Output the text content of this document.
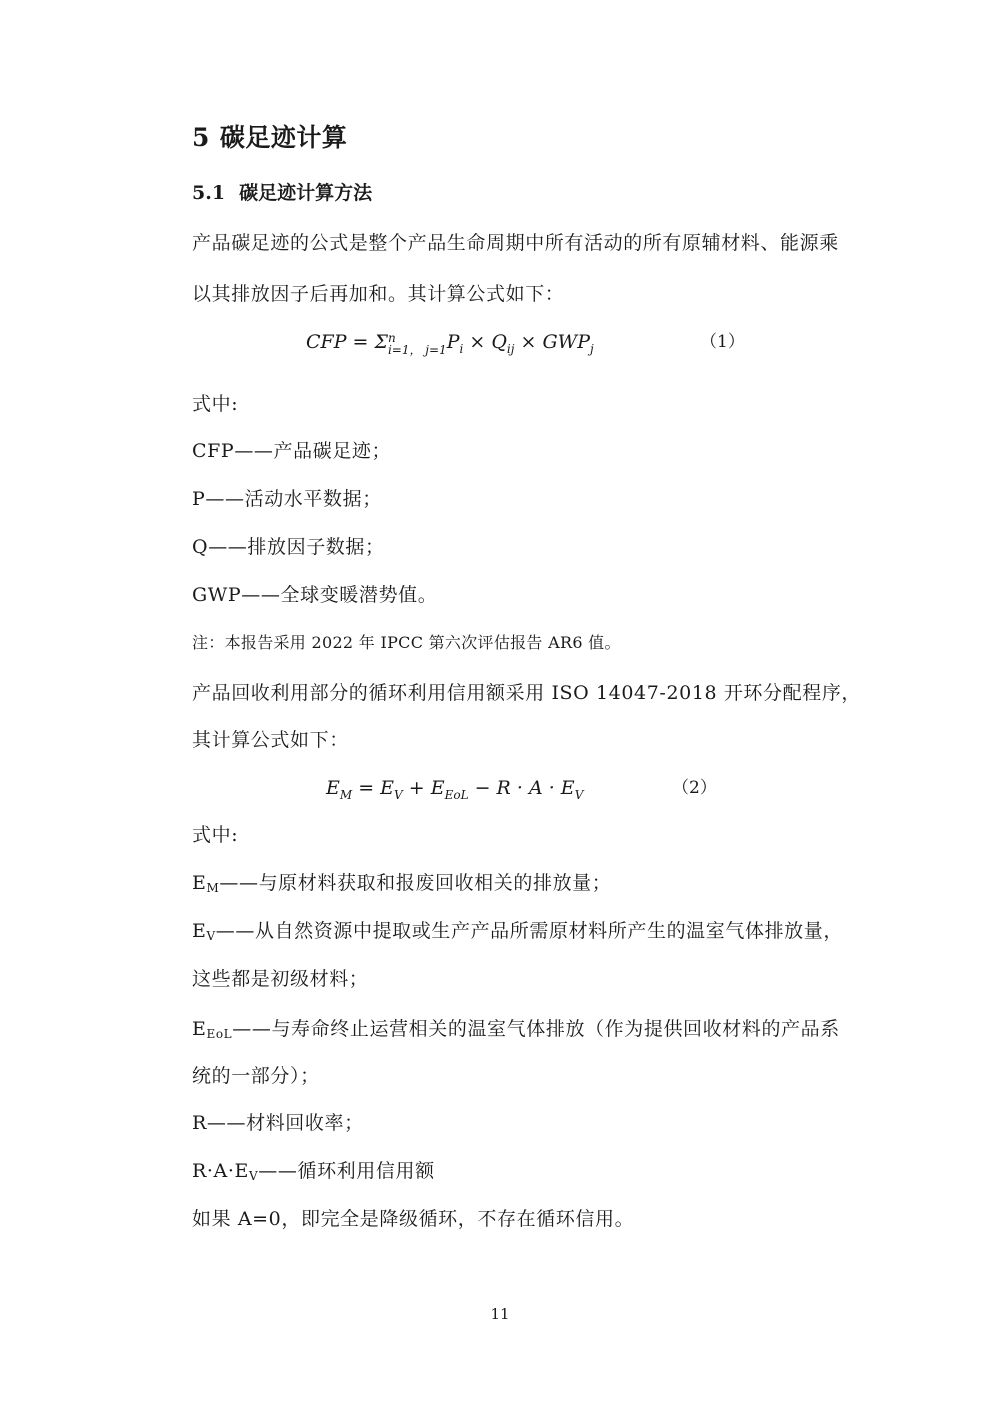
5 碳足迹计算
5.1 碳足迹计算方法
产品碳足迹的公式是整个产品生命周期中所有活动的所有原辅材料、能源乘
以其排放因子后再加和。其计算公式如下：
CFP = Σ n
i=1， j=1 $P_i \times Q_{ij} \times GWP_j$	（1）
式中:
CFP——产品碳足迹；
P——活动水平数据；
Q——排放因子数据；
GWP——全球变暖潜势值。
注：本报告采用 2022 年 IPCC 第六次评估报告 AR6 值。
产品回收利用部分的循环利用信用额采用 ISO 14047-2018 开环分配程序，
其计算公式如下：
$E_M = E_V + E_{EoL} - R \cdot A \cdot E_V$	（2）
式中:
$E_M——$与原材料获取和报废回收相关的排放量；
$E_V——$从自然资源中提取或生产产品所需原材料所产生的温室气体排放量，
这些都是初级材料；
$E_{EoL}——$与寿命终止运营相关的温室气体排放（作为提供回收材料的产品系
统的一部分）；
R——材料回收率；
$R\cdot A\cdot E_V——$循环利用信用额
如果 A=0，即完全是降级循环，不存在循环信用。
11
